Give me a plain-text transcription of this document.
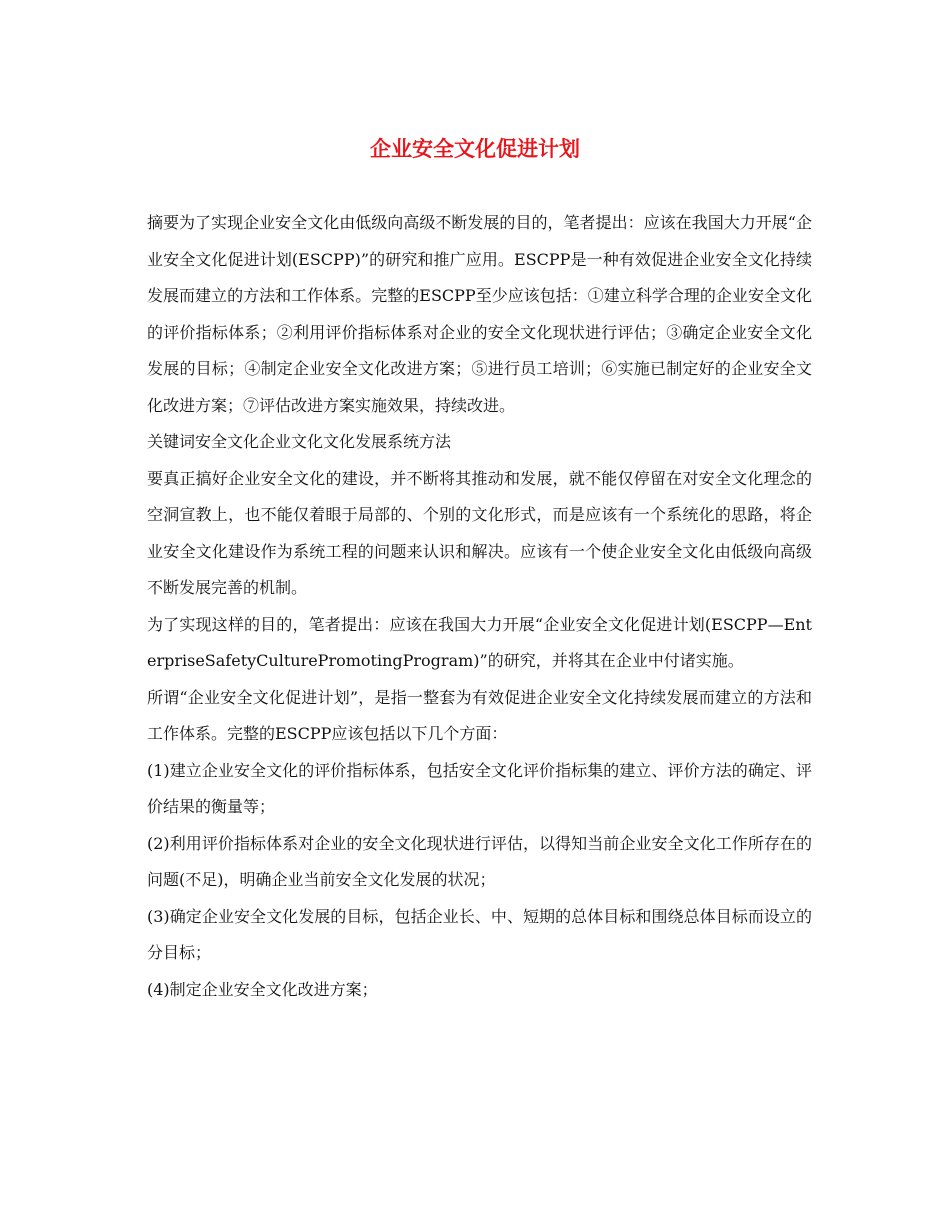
企业安全文化促进计划

摘要为了实现企业安全文化由低级向高级不断发展的目的，笔者提出：应该在我国大力开展“企业安全文化促进计划(ESCPP)”的研究和推广应用。ESCPP是一种有效促进企业安全文化持续发展而建立的方法和工作体系。完整的ESCPP至少应该包括：①建立科学合理的企业安全文化的评价指标体系；②利用评价指标体系对企业的安全文化现状进行评估；③确定企业安全文化发展的目标；④制定企业安全文化改进方案；⑤进行员工培训；⑥实施已制定好的企业安全文化改进方案；⑦评估改进方案实施效果，持续改进。

关键词安全文化企业文化文化发展系统方法

要真正搞好企业安全文化的建设，并不断将其推动和发展，就不能仅停留在对安全文化理念的空洞宣教上，也不能仅着眼于局部的、个别的文化形式，而是应该有一个系统化的思路，将企业安全文化建设作为系统工程的问题来认识和解决。应该有一个使企业安全文化由低级向高级不断发展完善的机制。

为了实现这样的目的，笔者提出：应该在我国大力开展“企业安全文化促进计划(ESCPP—EnterpriseSafetyCulturePromotingProgram)”的研究，并将其在企业中付诸实施。

所谓“企业安全文化促进计划”，是指一整套为有效促进企业安全文化持续发展而建立的方法和工作体系。完整的ESCPP应该包括以下几个方面：

(1)建立企业安全文化的评价指标体系，包括安全文化评价指标集的建立、评价方法的确定、评价结果的衡量等；

(2)利用评价指标体系对企业的安全文化现状进行评估，以得知当前企业安全文化工作所存在的问题(不足)，明确企业当前安全文化发展的状况；

(3)确定企业安全文化发展的目标，包括企业长、中、短期的总体目标和围绕总体目标而设立的分目标；

(4)制定企业安全文化改进方案；
